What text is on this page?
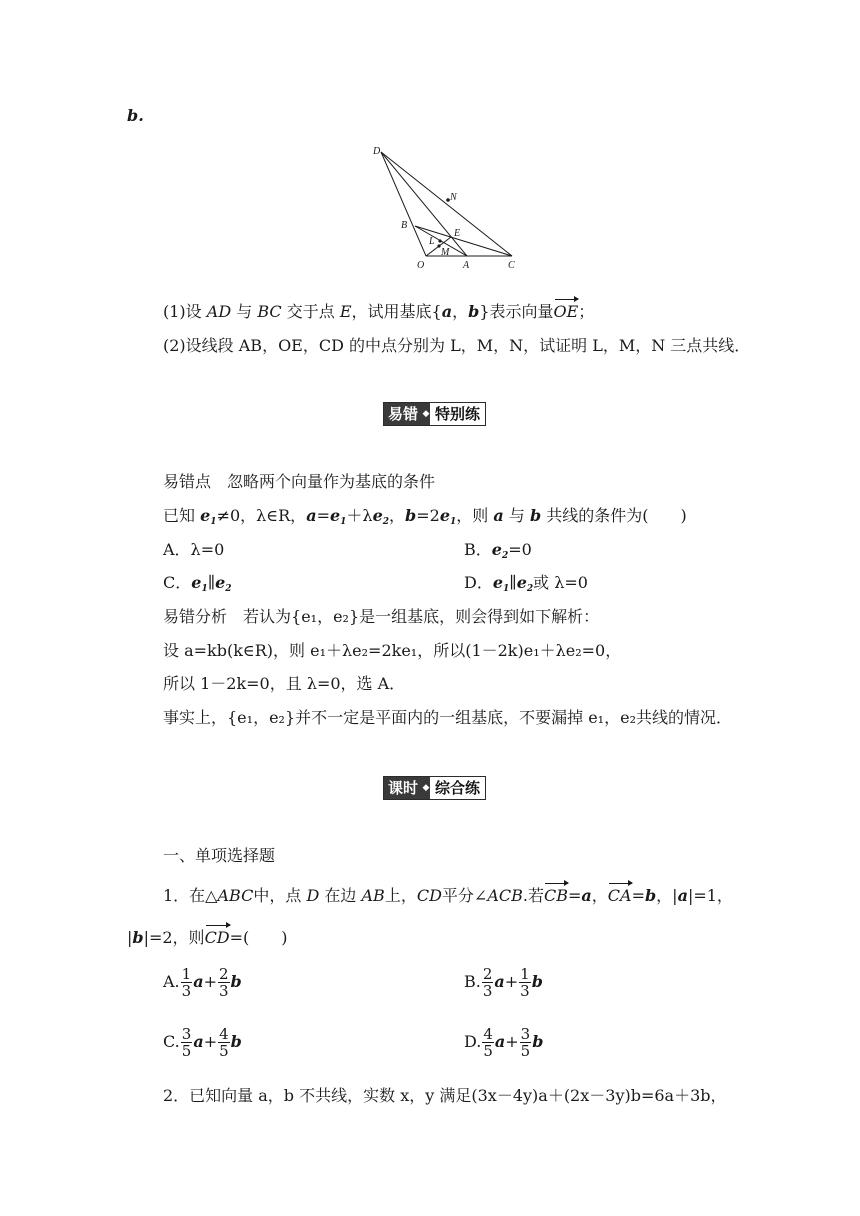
b.
D
N
B
E
L
M
O	A	C
(1)设 AD 与 BC 交于点 E，试用基底{a，b}表示向量OE；
(2)设线段 AB，OE，CD 的中点分别为 L，M，N，试证明 L，M，N 三点共线．
易错 ◆ 特别练
易错点　忽略两个向量作为基底的条件
已知 $e_1\ne 0$，λ∈R，$a=e_1+\lambda e_2$，$b=2e_1$，则 a 与 b 共线的条件为(　　)
A．λ=0	B．$e_2=0$
C．$e_1\parallel e_2$	D．$e_1\parallel e_2$或 λ=0
易错分析　若认为{e₁，e₂}是一组基底，则会得到如下解析：
设 a=kb(k∈R)，则 e₁＋λe₂=2ke₁，所以(1－2k)e₁＋λe₂=0，
所以 1－2k=0，且 λ=0，选 A．
事实上，{e₁，e₂}并不一定是平面内的一组基底，不要漏掉 e₁，e₂共线的情况．
课时 ◆ 综合练
一、单项选择题
1．在△ABC中，点 D 在边 AB上，CD平分∠ACB.若CB=a，CA=b，|a|=1，
|b|=2，则CD=(　　)
A. $\frac{1}{3} a+ \frac{2}{3}$ b	B. $\frac{2}{3} a+ \frac{1}{3}$ b
C. $\frac{3}{5} a+ \frac{4}{5}$ b	D. $\frac{4}{5} a+ \frac{3}{5}$ b
2．已知向量 a，b 不共线，实数 x，y 满足(3x－4y)a＋(2x－3y)b=6a＋3b，
